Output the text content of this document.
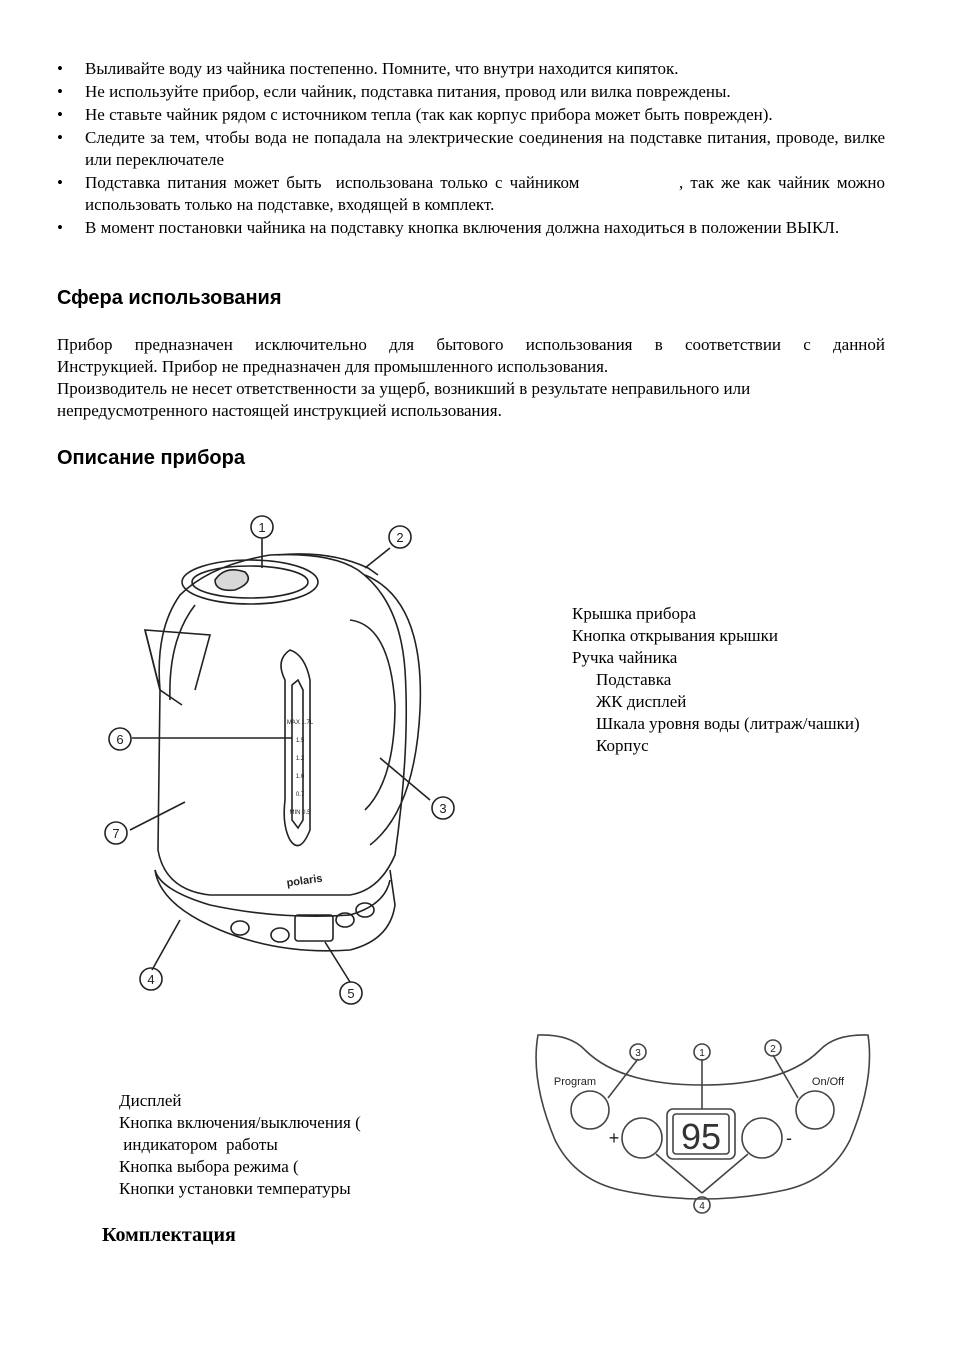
• Выливайте воду из чайника постепенно. Помните, что внутри находится кипяток.
• Не используйте прибор, если чайник, подставка питания, провод или вилка повреждены.
• Не ставьте чайник рядом с источником тепла (так как корпус прибора может быть поврежден).
• Следите за тем, чтобы вода не попадала на электрические соединения на подставке питания, проводе, вилке или переключателе
• Подставка питания может быть  использована только с чайником              , так же как чайник можно использовать только на подставке, входящей в комплект.
• В момент постановки чайника на подставку кнопка включения должна находиться в положении ВЫКЛ.
Сфера использования

Прибор предназначен исключительно для бытового использования в соответствии с данной

Инструкцией. Прибор не предназначен для промышленного использования.

Производитель не несет ответственности за ущерб, возникший в результате неправильного или

непредусмотренного настоящей инструкцией использования.

Описание прибора
1
2
3
4
5
6
7
MAX 1.7L
1.5
1.2
1.0
0.7
MIN 0.5
polaris
Крышка прибора
Кнопка открывания крышки
Ручка чайника
Подставка
ЖК дисплей
Шкала уровня воды (литраж/чашки)
Корпус
1	2
3
4
Program	On/Off
+	-
95
Дисплей
Кнопка включения/выключения (
индикатором  работы
Кнопка выбора режима (
Кнопки установки температуры
Комплектация
